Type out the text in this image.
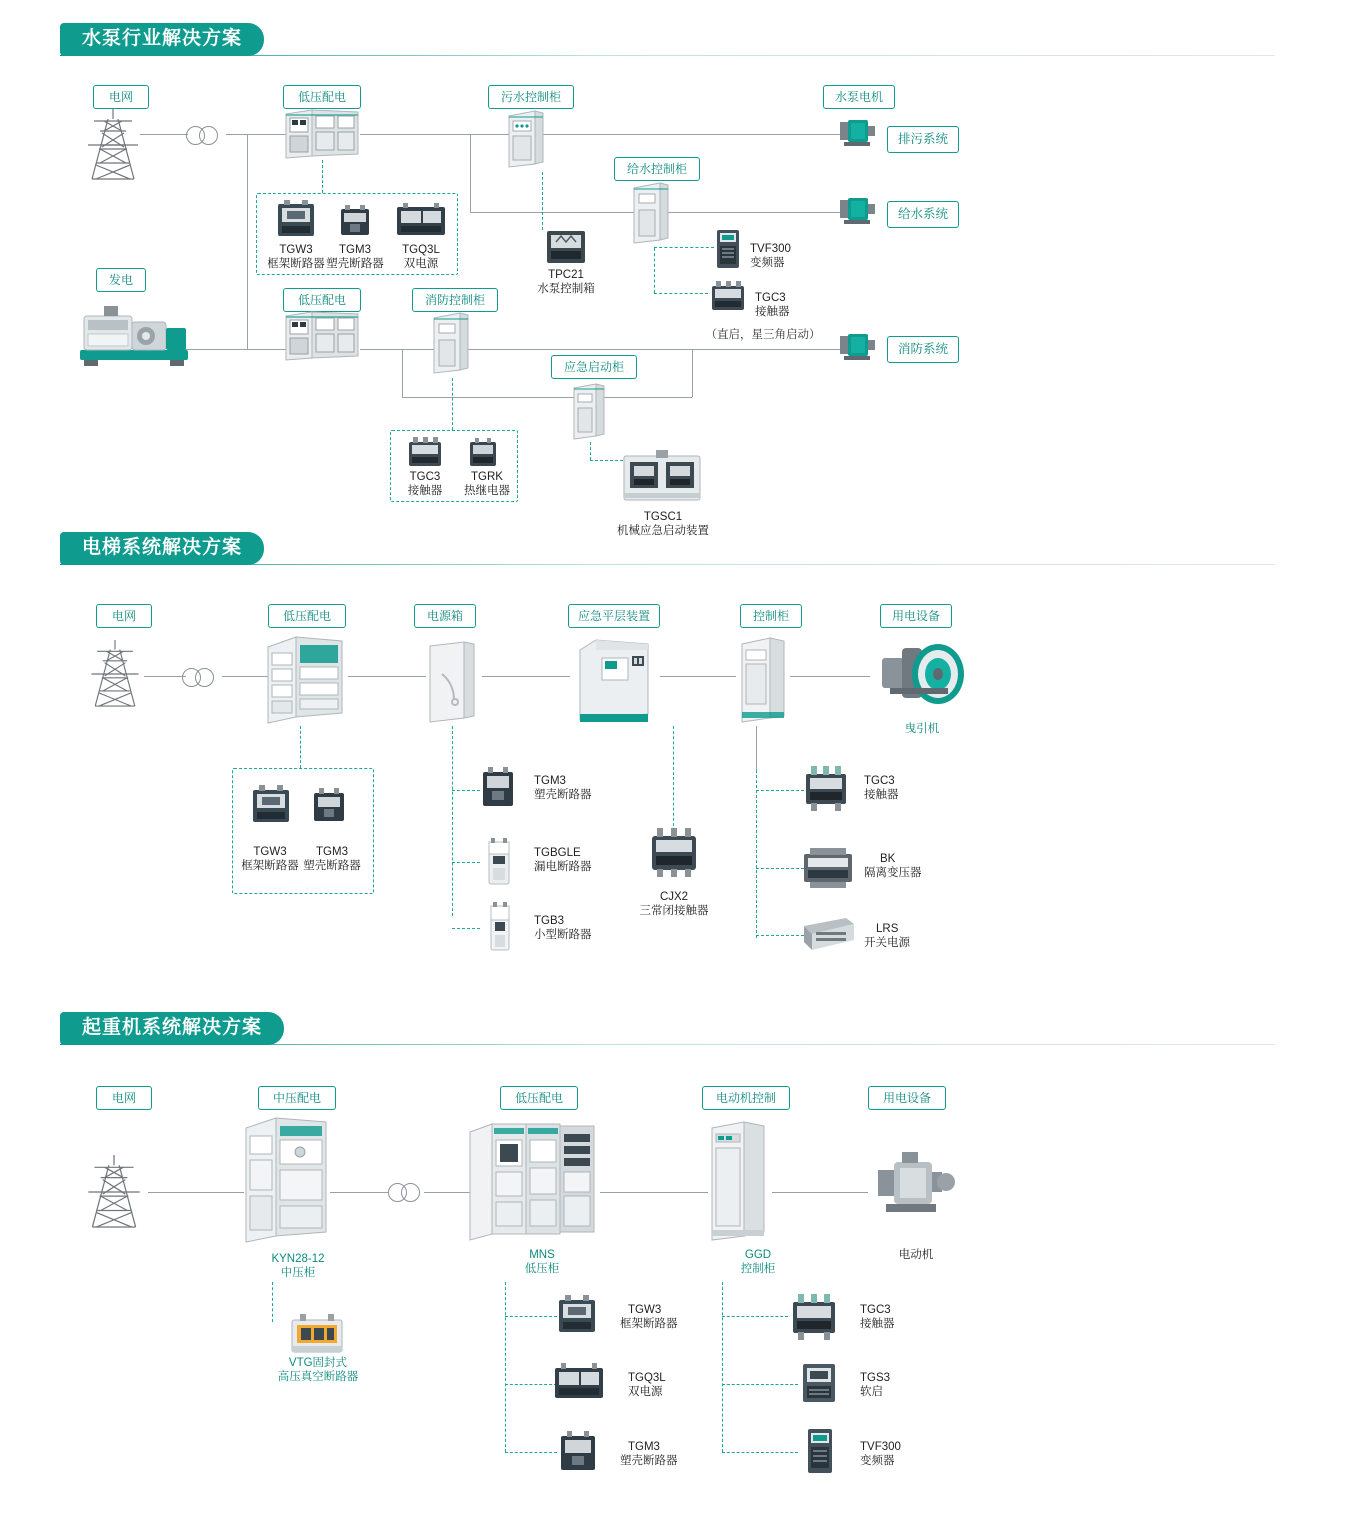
水泵行业解决方案
电网	低压配电	污水控制柜
给水控制柜
水泵电机
发电
低压配电	消防控制柜
应急启动柜
排污系统
给水系统
消防系统
TGW3
框架断路器
TGM3
塑壳断路器
TGQ3L
双电源
TPC21
水泵控制箱
TVF300
变频器
TGC3
接触器
（直启，星三角启动）
TGC3
接触器
TGRK
热继电器
TGSC1
机械应急启动装置
电梯系统解决方案
电网	低压配电	电源箱	应急平层装置	控制柜	用电设备
曳引机
TGW3
框架断路器
TGM3
塑壳断路器
TGM3
塑壳断路器
TGBGLE
漏电断路器
TGB3
小型断路器
CJX2
三常闭接触器
TGC3
接触器
BK
隔离变压器
LRS
开关电源
起重机系统解决方案
电网	中压配电	低压配电	电动机控制	用电设备
KYN28-12
中压柜
VTG固封式
高压真空断路器
MNS
低压柜
GGD
控制柜
电动机
TGW3
框架断路器
TGQ3L
双电源
TGM3
塑壳断路器
TGC3
接触器
TGS3
软启
TVF300
变频器
